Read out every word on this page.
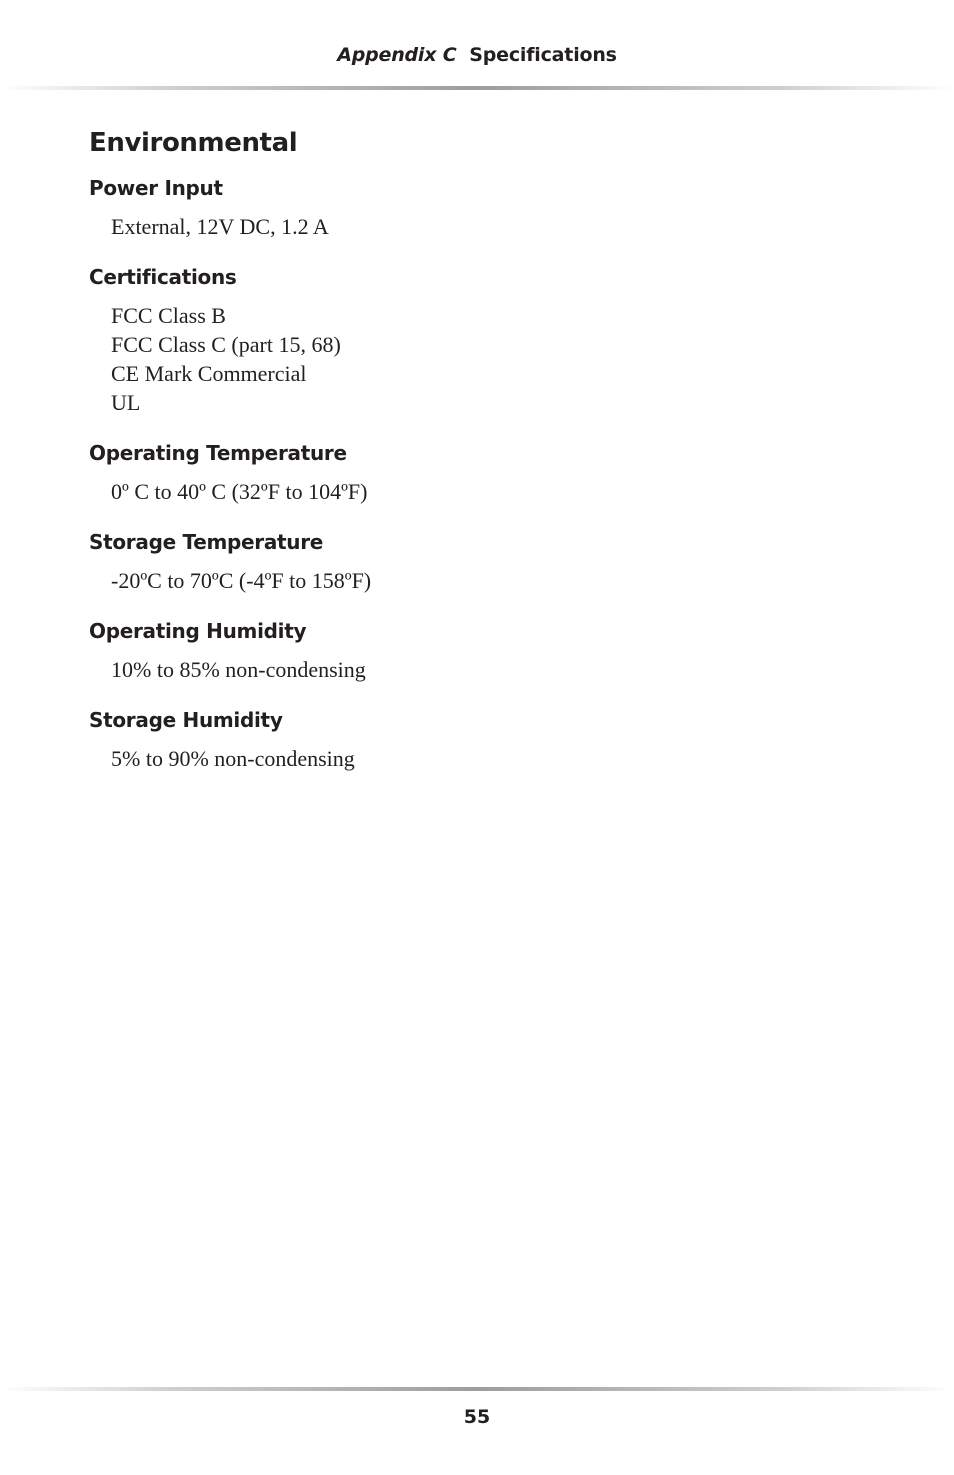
Appendix C Specifications
Environmental
Power Input
External, 12V DC, 1.2 A
Certifications
FCC Class B
FCC Class C (part 15, 68)
CE Mark Commercial
UL
Operating Temperature
0º C to 40º C (32ºF to 104ºF)
Storage Temperature
-20ºC to 70ºC (-4ºF to 158ºF)
Operating Humidity
10% to 85% non-condensing
Storage Humidity
5% to 90% non-condensing
55
